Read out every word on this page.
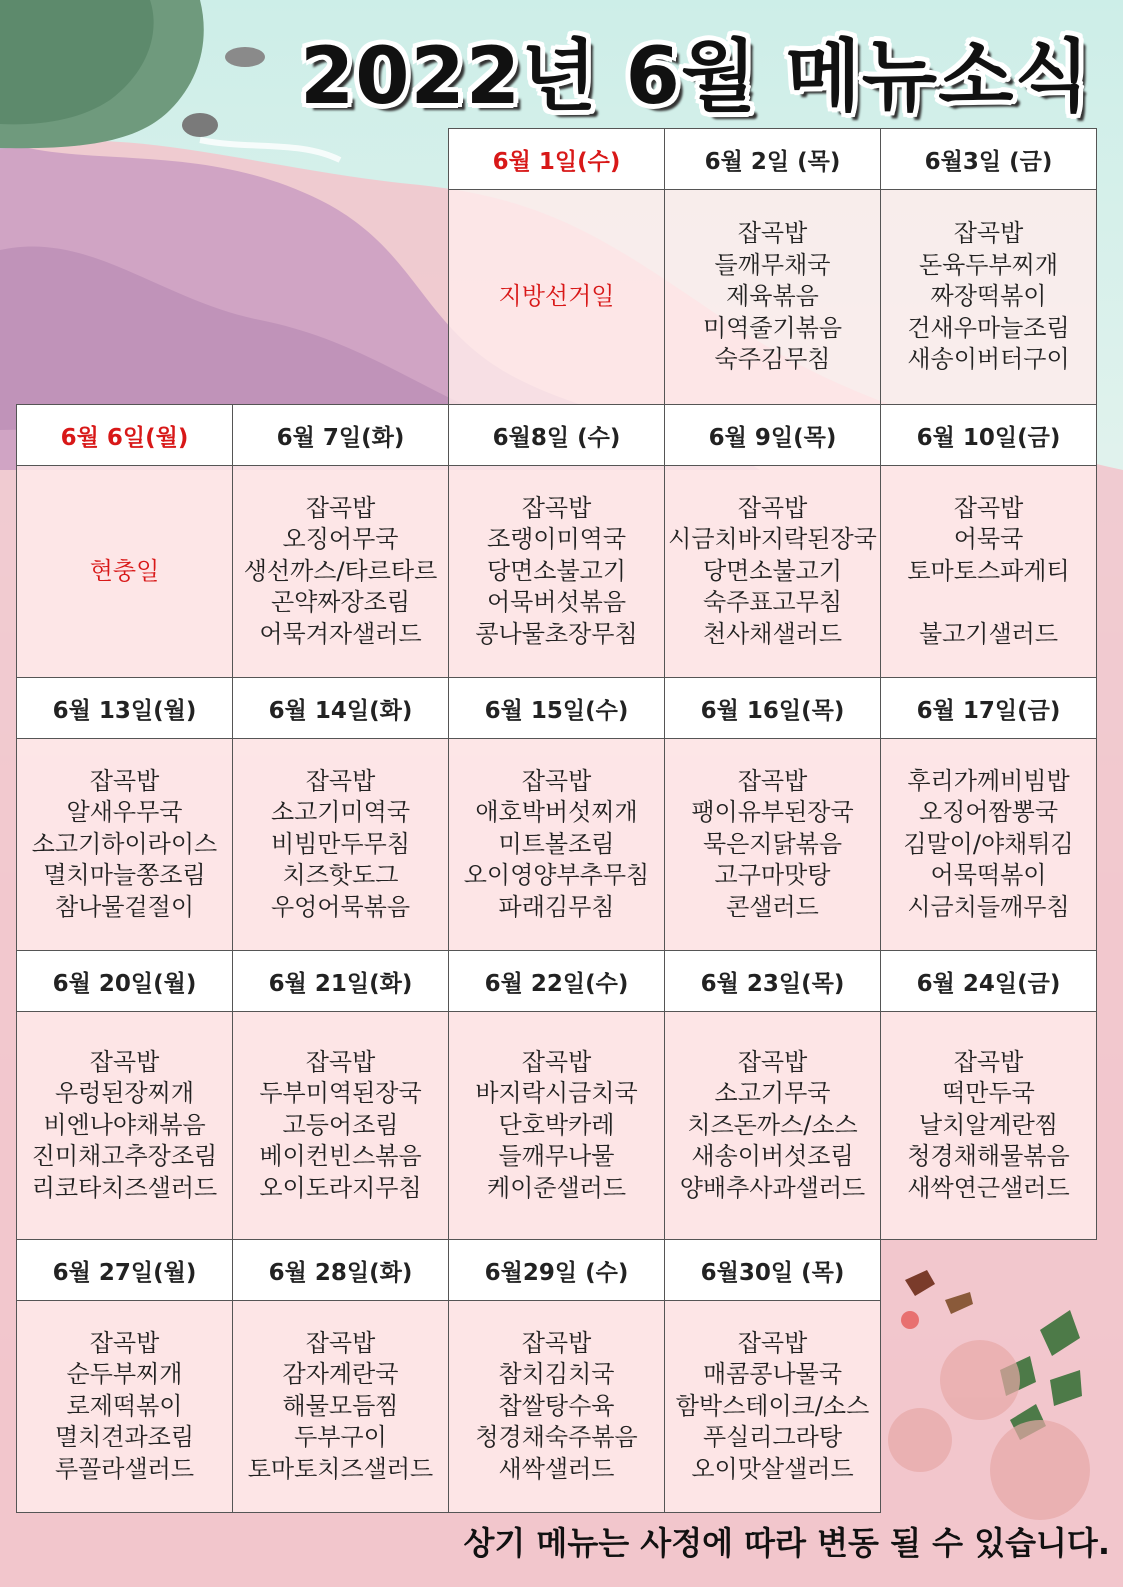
2022년 6월 메뉴소식
6월 1일(수)
지방선거일
6월 2일 (목)
잡곡밥
들깨무채국
제육볶음
미역줄기볶음
숙주김무침
6월3일 (금)
잡곡밥
돈육두부찌개
짜장떡볶이
건새우마늘조림
새송이버터구이
6월 6일(월)
현충일
6월 7일(화)
잡곡밥
오징어무국
생선까스/타르타르
곤약짜장조림
어묵겨자샐러드
6월8일 (수)
잡곡밥
조랭이미역국
당면소불고기
어묵버섯볶음
콩나물초장무침
6월 9일(목)
잡곡밥
시금치바지락된장국
당면소불고기
숙주표고무침
천사채샐러드
6월 10일(금)
잡곡밥
어묵국
토마토스파게티
불고기샐러드
6월 13일(월)
잡곡밥
알새우무국
소고기하이라이스
멸치마늘쫑조림
참나물겉절이
6월 14일(화)
잡곡밥
소고기미역국
비빔만두무침
치즈핫도그
우엉어묵볶음
6월 15일(수)
잡곡밥
애호박버섯찌개
미트볼조림
오이영양부추무침
파래김무침
6월 16일(목)
잡곡밥
팽이유부된장국
묵은지닭볶음
고구마맛탕
콘샐러드
6월 17일(금)
후리가께비빔밥
오징어짬뽕국
김말이/야채튀김
어묵떡볶이
시금치들깨무침
6월 20일(월)
잡곡밥
우렁된장찌개
비엔나야채볶음
진미채고추장조림
리코타치즈샐러드
6월 21일(화)
잡곡밥
두부미역된장국
고등어조림
베이컨빈스볶음
오이도라지무침
6월 22일(수)
잡곡밥
바지락시금치국
단호박카레
들깨무나물
케이준샐러드
6월 23일(목)
잡곡밥
소고기무국
치즈돈까스/소스
새송이버섯조림
양배추사과샐러드
6월 24일(금)
잡곡밥
떡만두국
날치알계란찜
청경채해물볶음
새싹연근샐러드
6월 27일(월)
잡곡밥
순두부찌개
로제떡볶이
멸치견과조림
루꼴라샐러드
6월 28일(화)
잡곡밥
감자계란국
해물모듬찜
두부구이
토마토치즈샐러드
6월29일 (수)
잡곡밥
참치김치국
찹쌀탕수육
청경채숙주볶음
새싹샐러드
6월30일 (목)
잡곡밥
매콤콩나물국
함박스테이크/소스
푸실리그라탕
오이맛살샐러드
상기 메뉴는 사정에 따라 변동 될 수 있습니다.
